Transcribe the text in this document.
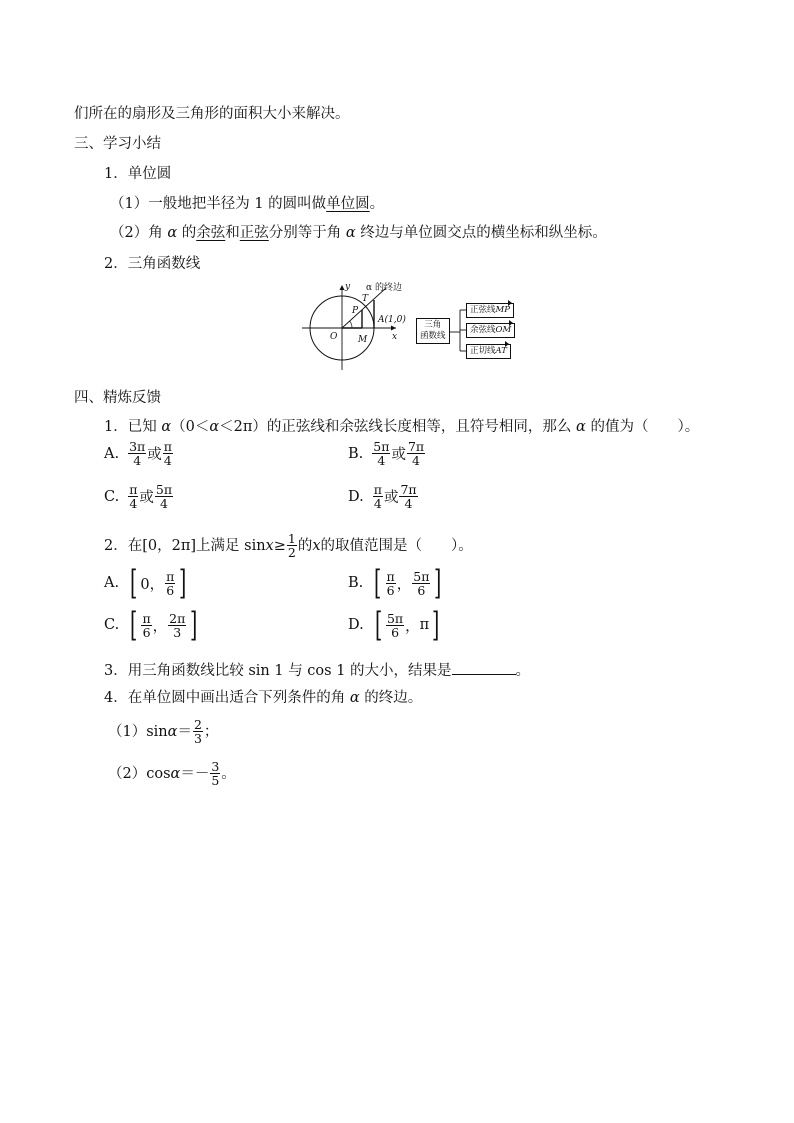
们所在的扇形及三角形的面积大小来解决。
三、学习小结
1．单位圆
（1）一般地把半径为 1 的圆叫做单位圆。
（2）角 α 的余弦和正弦分别等于角 α 终边与单位圆交点的横坐标和纵坐标。
2．三角函数线
y α 的终边
T
P
A(1,0)
O M	x
三角
函数线
正弦线MP
余弦线OM
正切线AT
四、精炼反馈
1．已知 α（0＜α＜2π）的正弦线和余弦线长度相等，且符号相同，那么 α 的值为（　　）。
A. $\frac{3\pi}{4}$ 或 $\frac{\pi}{4}$	B. $\frac{5\pi}{4}$ 或 $\frac{7\pi}{4}$
C. $\frac{\pi}{4}$ 或 $\frac{5\pi}{4}$	D. $\frac{\pi}{4}$ 或 $\frac{7\pi}{4}$
2．在[0，2π]上满足 $\sin x \ge \frac{1}{2}$ 的 x 的取值范围是（　　）。
A. [ 0， $\frac{\pi}{6}$ ]	B. [ $\frac{\pi}{6}$ ， $\frac{5\pi}{6}$ ]
C. [ $\frac{\pi}{6}$ ， $\frac{2\pi}{3}$ ]	D. [ $\frac{5\pi}{6}$ ， π ]
3．用三角函数线比较 sin 1 与 cos 1 的大小，结果是	。
4．在单位圆中画出适合下列条件的角 α 的终边。
（1）sin $\alpha = \frac{2}{3}$ ；
（2）cos $\alpha =- \frac{3}{5}$ 。
